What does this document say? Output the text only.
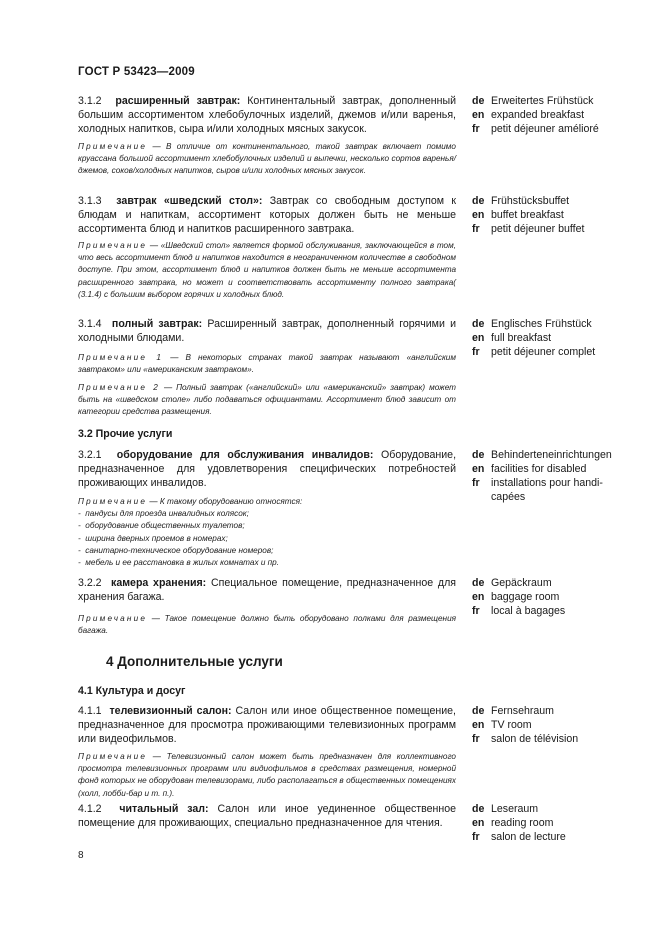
ГОСТ Р 53423—2009
3.1.2 расширенный завтрак: Континентальный завтрак, дополненный большим ассортиментом хлебобулочных изделий, джемов и/или варенья, холодных напитков, сыра и/или холодных мясных закусок.
de Erweitertes Frühstück
en expanded breakfast
fr	petit déjeuner amélioré
Примечание — В отличие от континентального, такой завтрак включает помимо круассана большой ассортимент хлебобулочных изделий и выпечки, несколько сортов варенья/джемов, соков/холодных напитков, сыров и/или холодных мясных закусок.
3.1.3 завтрак «шведский стол»: Завтрак со свободным доступом к блюдам и напиткам, ассортимент которых должен быть не меньше ассортимента блюд и напитков расширенного завтрака.
de Frühstücksbuffet
en buffet breakfast
fr	petit déjeuner buffet
Примечание — «Шведский стол» является формой обслуживания, заключающейся в том, что весь ассортимент блюд и напитков находится в неограниченном количестве в свободном доступе. При этом, ассортимент блюд и напитков должен быть не меньше ассортимента расширенного завтрака, но может и соответствовать ассортименту полного завтрака( (3.1.4) с большим выбором горячих и холодных блюд.
3.1.4 полный завтрак: Расширенный завтрак, дополненный горячими и холодными блюдами.
de Englisches Frühstück
en full breakfast
fr	petit déjeuner complet
Примечание 1 — В некоторых странах такой завтрак называют «английским завтраком» или «американским завтраком».
Примечание 2 — Полный завтрак («английский» или «американский» завтрак) может быть на «шведском столе» либо подаваться официантами. Ассортимент блюд зависит от категории средства размещения.
3.2 Прочие услуги
3.2.1 оборудование для обслуживания инвалидов: Оборудование, предназначенное для удовлетворения специфических потребностей проживающих инвалидов.
de Behinderteneinrichtungen
en facilities for disabled
fr	installations pour handi-
capées
Примечание — К такому оборудованию относятся:
-  пандусы для проезда инвалидных колясок;
-  оборудование общественных туалетов;
-  ширина дверных проемов в номерах;
-  санитарно-техническое оборудование номеров;
-  мебель и ее расстановка в жилых комнатах и пр.
3.2.2 камера хранения: Специальное помещение, предназначенное для хранения багажа.
de Gepäckraum
en baggage room
fr	local à bagages
Примечание — Такое помещение должно быть оборудовано полками для размещения багажа.
4 Дополнительные услуги
4.1 Культура и досуг
4.1.1 телевизионный салон: Салон или иное общественное помещение, предназначенное для просмотра проживающими телевизионных программ или видеофильмов.
de Fernsehraum
en TV room
fr	salon de télévision
Примечание — Телевизионный салон может быть предназначен для коллективного просмотра телевизионных программ или видиофильмов в средствах размещения, номерной фонд которых не оборудован телевизорами, либо располагаться в общественных помещениях (холл, лобби-бар и т. п.).
4.1.2 читальный зал: Салон или иное уединенное общественное помещение для проживающих, специально предназначенное для чтения.
de Leseraum
en reading room
fr	salon de lecture
8
